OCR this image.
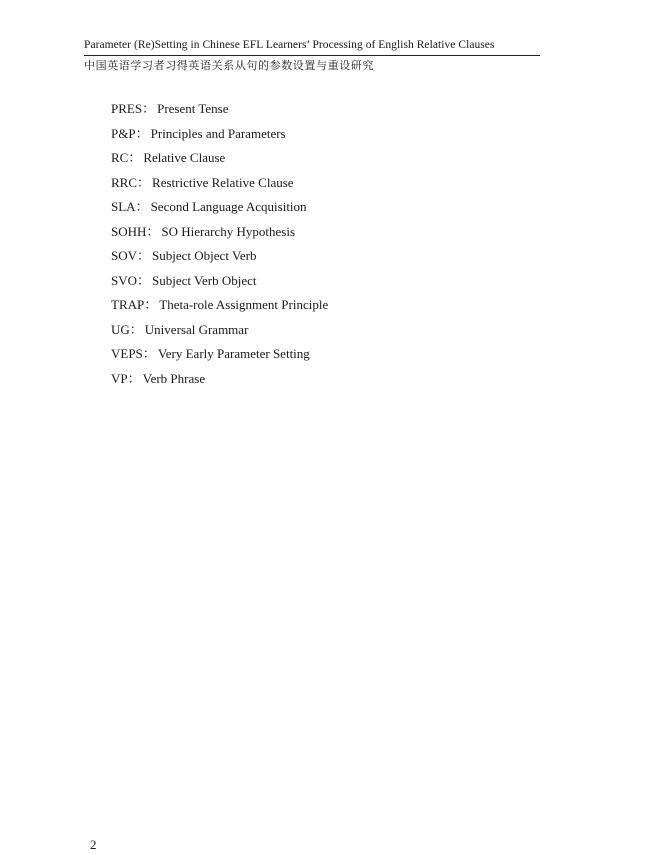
Parameter (Re)Setting in Chinese EFL Learners’ Processing of English Relative Clauses
中国英语学习者习得英语关系从句的参数设置与重设研究
PRES： Present Tense
P&P： Principles and Parameters
RC： Relative Clause
RRC： Restrictive Relative Clause
SLA： Second Language Acquisition
SOHH： SO Hierarchy Hypothesis
SOV： Subject Object Verb
SVO： Subject Verb Object
TRAP： Theta-role Assignment Principle
UG： Universal Grammar
VEPS： Very Early Parameter Setting
VP： Verb Phrase
2
